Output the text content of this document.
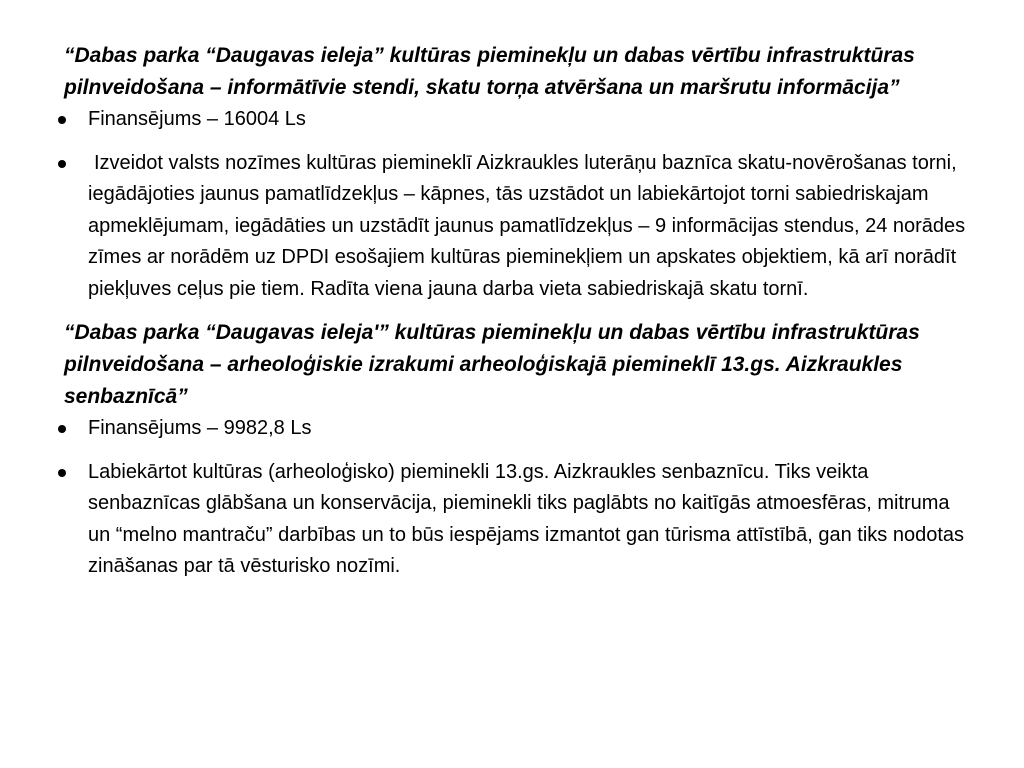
“Dabas parka “Daugavas ieleja” kultūras pieminekļu un dabas vērtību infrastruktūras pilnveidošana – informātīvie stendi, skatu torņa atvēršana un maršrutu informācija”

Finansējums – 16004 Ls
Izveidot valsts nozīmes kultūras piemineklī Aizkraukles luterāņu baznīca skatu-novērošanas torni, iegādājoties jaunus pamatlīdzekļus – kāpnes, tās uzstādot un labiekārtojot torni sabiedriskajam apmeklējumam, iegādāties un uzstādīt jaunus pamatlīdzekļus – 9 informācijas stendus, 24 norādes zīmes ar norādēm uz DPDI esošajiem kultūras pieminekļiem un apskates objektiem, kā arī norādīt piekļuves ceļus pie tiem. Radīta viena jauna darba vieta sabiedriskajā skatu tornī.

“Dabas parka “Daugavas ieleja'” kultūras pieminekļu un dabas vērtību infrastruktūras pilnveidošana – arheoloģiskie izrakumi arheoloģiskajā piemineklī 13.gs. Aizkraukles senbaznīcā”

Finansējums – 9982,8 Ls
Labiekārtot kultūras (arheoloģisko) pieminekli 13.gs. Aizkraukles senbaznīcu. Tiks veikta senbaznīcas glābšana un konservācija, pieminekli tiks paglābts no kaitīgās atmoesfēras, mitruma un “melno mantraču” darbības un to būs iespējams izmantot gan tūrisma attīstībā, gan tiks nodotas zināšanas par tā vēsturisko nozīmi.
